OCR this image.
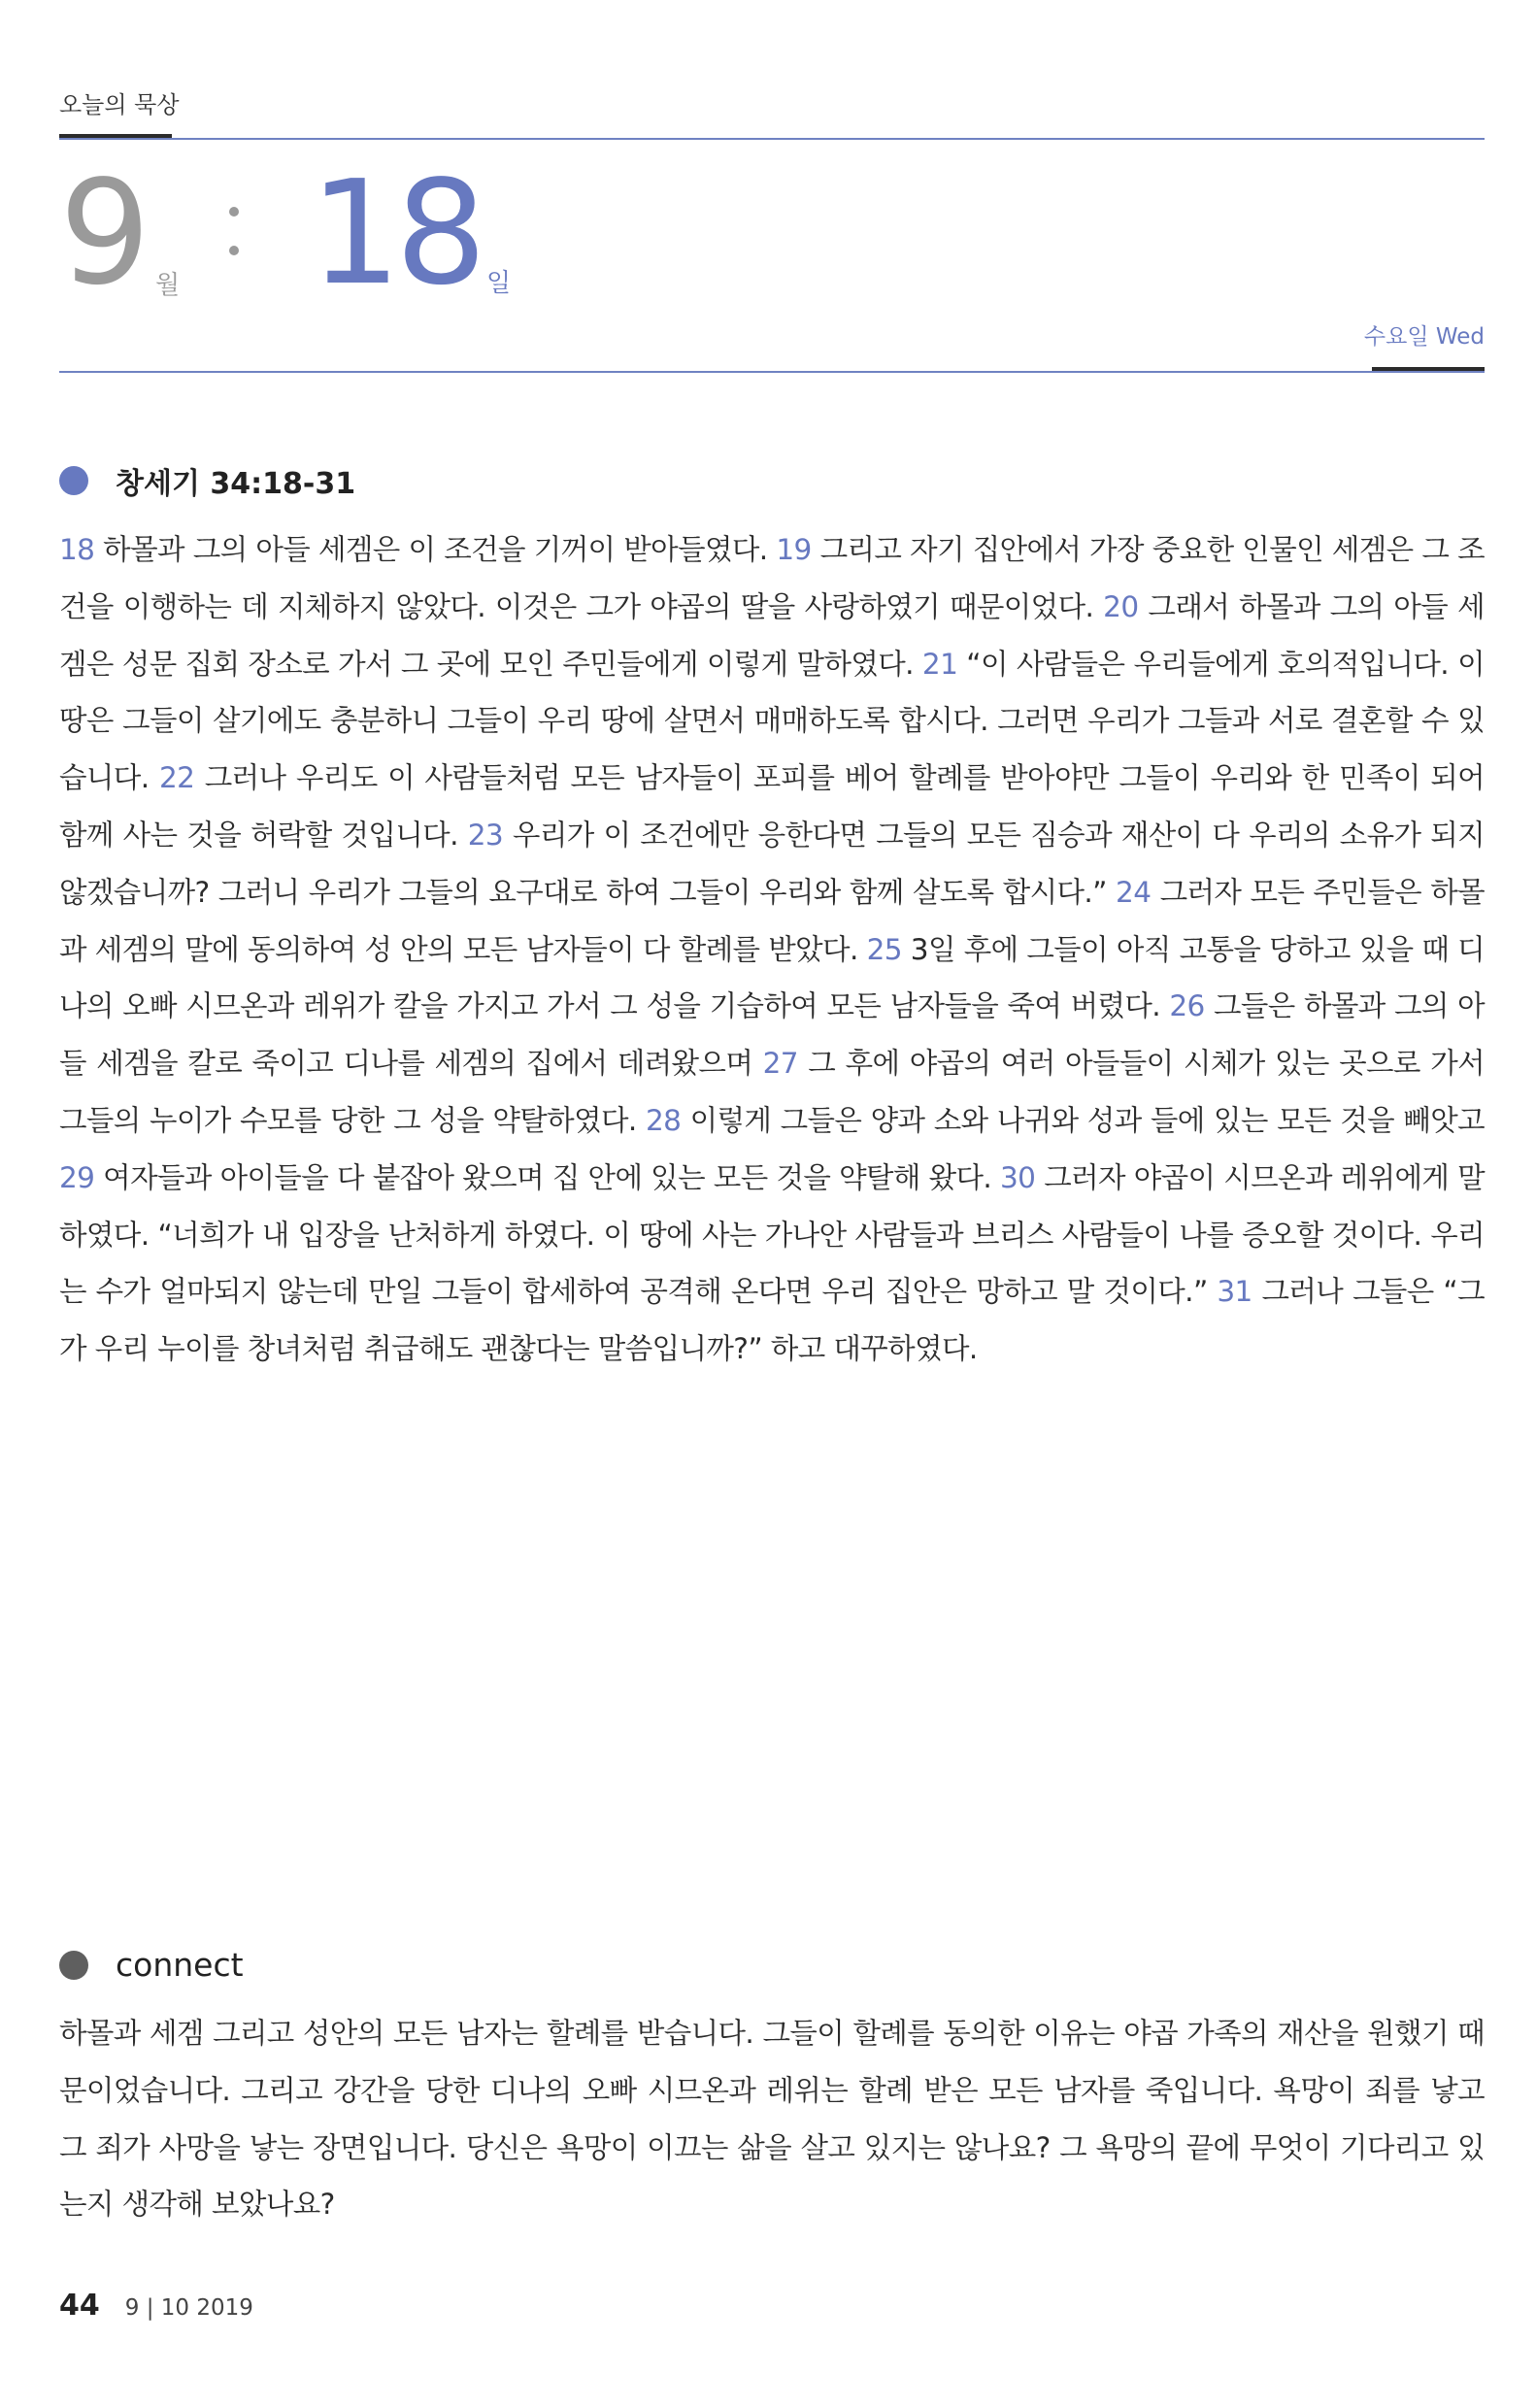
오늘의 묵상
9 월 18 일
수요일 Wed
창세기 34:18-31
18 하몰과 그의 아들 세겜은 이 조건을 기꺼이 받아들였다. 19 그리고 자기 집안에서 가장 중요한 인물인 세겜은 그 조건을 이행하는 데 지체하지 않았다. 이것은 그가 야곱의 딸을 사랑하였기 때문이었다. 20 그래서 하몰과 그의 아들 세겜은 성문 집회 장소로 가서 그 곳에 모인 주민들에게 이렇게 말하였다. 21 “이 사람들은 우리들에게 호의적입니다. 이 땅은 그들이 살기에도 충분하니 그들이 우리 땅에 살면서 매매하도록 합시다. 그러면 우리가 그들과 서로 결혼할 수 있습니다. 22 그러나 우리도 이 사람들처럼 모든 남자들이 포피를 베어 할례를 받아야만 그들이 우리와 한 민족이 되어 함께 사는 것을 허락할 것입니다. 23 우리가 이 조건에만 응한다면 그들의 모든 짐승과 재산이 다 우리의 소유가 되지 않겠습니까? 그러니 우리가 그들의 요구대로 하여 그들이 우리와 함께 살도록 합시다.” 24 그러자 모든 주민들은 하몰과 세겜의 말에 동의하여 성 안의 모든 남자들이 다 할례를 받았다. 25 3일 후에 그들이 아직 고통을 당하고 있을 때 디나의 오빠 시므온과 레위가 칼을 가지고 가서 그 성을 기습하여 모든 남자들을 죽여 버렸다. 26 그들은 하몰과 그의 아들 세겜을 칼로 죽이고 디나를 세겜의 집에서 데려왔으며 27 그 후에 야곱의 여러 아들들이 시체가 있는 곳으로 가서 그들의 누이가 수모를 당한 그 성을 약탈하였다. 28 이렇게 그들은 양과 소와 나귀와 성과 들에 있는 모든 것을 빼앗고 29 여자들과 아이들을 다 붙잡아 왔으며 집 안에 있는 모든 것을 약탈해 왔다. 30 그러자 야곱이 시므온과 레위에게 말하였다. “너희가 내 입장을 난처하게 하였다. 이 땅에 사는 가나안 사람들과 브리스 사람들이 나를 증오할 것이다. 우리는 수가 얼마되지 않는데 만일 그들이 합세하여 공격해 온다면 우리 집안은 망하고 말 것이다.” 31 그러나 그들은 “그가 우리 누이를 창녀처럼 취급해도 괜찮다는 말씀입니까?” 하고 대꾸하였다.
connect
하몰과 세겜 그리고 성안의 모든 남자는 할례를 받습니다. 그들이 할례를 동의한 이유는 야곱 가족의 재산을 원했기 때문이었습니다. 그리고 강간을 당한 디나의 오빠 시므온과 레위는 할례 받은 모든 남자를 죽입니다. 욕망이 죄를 낳고 그 죄가 사망을 낳는 장면입니다. 당신은 욕망이 이끄는 삶을 살고 있지는 않나요? 그 욕망의 끝에 무엇이 기다리고 있는지 생각해 보았나요?
44 9 | 10 2019
